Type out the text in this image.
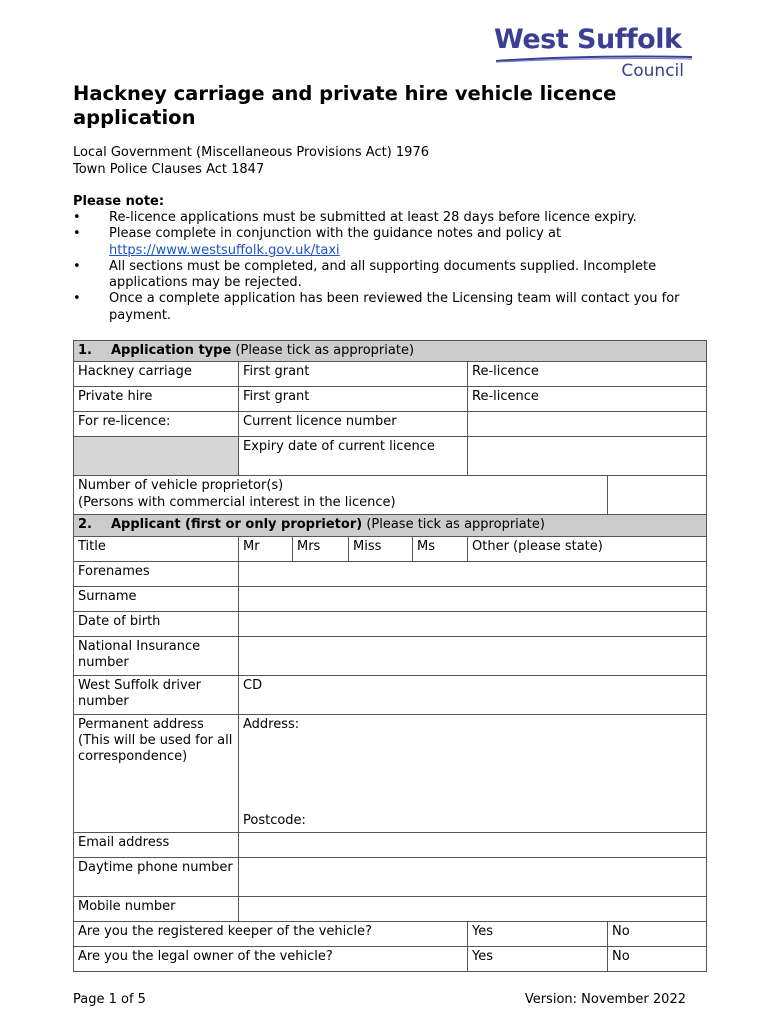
West Suffolk
Council
Hackney carriage and private hire vehicle licence application
Local Government (Miscellaneous Provisions Act) 1976
Town Police Clauses Act 1847
Please note:
• Re-licence applications must be submitted at least 28 days before licence expiry.
• Please complete in conjunction with the guidance notes and policy at
https://www.westsuffolk.gov.uk/taxi
• All sections must be completed, and all supporting documents supplied. Incomplete applications may be rejected.
• Once a complete application has been reviewed the Licensing team will contact you for payment.
1. Application type (Please tick as appropriate)						
Hackney carriage	First grant				Re-licence	
Private hire	First grant				Re-licence	
For re-licence:	Current licence number					
	Expiry date of current licence					

Number of vehicle proprietor(s)
(Persons with commercial interest in the licence)						

2. Applicant (first or only proprietor) (Please tick as appropriate)						
Title	Mr	Mrs	Miss	Ms	Other (please state)	
Forenames						
Surname						
Date of birth						
National Insurance number						
West Suffolk driver number	CD					
Permanent address (This will be used for all correspondence)	Address:
Postcode:					

Email address						
Daytime phone number						
Mobile number						
Are you the registered keeper of the vehicle?					Yes	No
Are you the legal owner of the vehicle?					Yes	No
Page 1 of 5	Version: November 2022
